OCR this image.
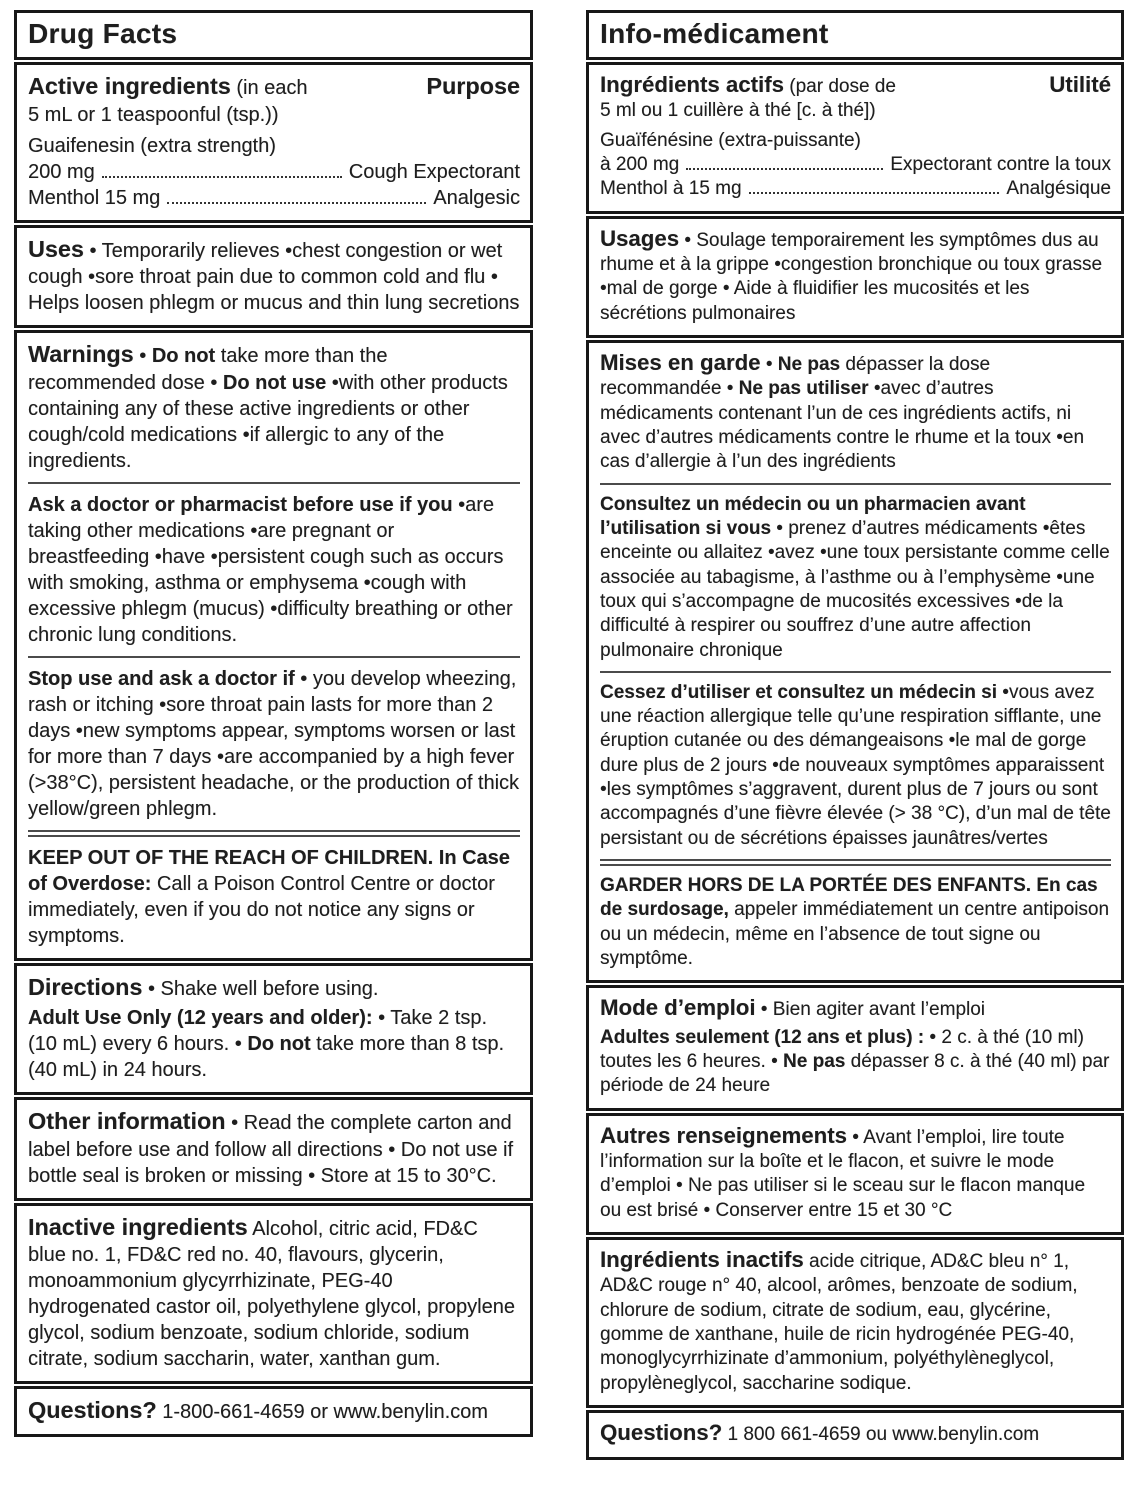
Drug Facts
Active ingredients (in each	Purpose
5 mL or 1 teaspoonful (tsp.))
Guaifenesin (extra strength)
200 mg	Cough Expectorant
Menthol 15 mg	Analgesic

Uses • Temporarily relieves •chest congestion or wet cough •sore throat pain due to common cold and flu • Helps loosen phlegm or mucus and thin lung secretions

Warnings • Do not take more than the recommended dose • Do not use •with other products containing any of these active ingredients or other cough/cold medications •if allergic to any of the ingredients.

Ask a doctor or pharmacist before use if you •are taking other medications •are pregnant or breastfeeding •have •persistent cough such as occurs with smoking, asthma or emphysema •cough with excessive phlegm (mucus) •difficulty breathing or other chronic lung conditions.

Stop use and ask a doctor if • you develop wheezing, rash or itching •sore throat pain lasts for more than 2 days •new symptoms appear, symptoms worsen or last for more than 7 days •are accompanied by a high fever (>38°C), persistent headache, or the production of thick yellow/green phlegm.

KEEP OUT OF THE REACH OF CHILDREN. In Case of Overdose: Call a Poison Control Centre or doctor immediately, even if you do not notice any signs or symptoms.

Directions • Shake well before using.

Adult Use Only (12 years and older): • Take 2 tsp. (10 mL) every 6 hours. • Do not take more than 8 tsp. (40 mL) in 24 hours.

Other information • Read the complete carton and label before use and follow all directions • Do not use if bottle seal is broken or missing • Store at 15 to 30°C.

Inactive ingredients Alcohol, citric acid, FD&C blue no. 1, FD&C red no. 40, flavours, glycerin, monoammonium glycyrrhizinate, PEG-40 hydrogenated castor oil, polyethylene glycol, propylene glycol, sodium benzoate, sodium chloride, sodium citrate, sodium saccharin, water, xanthan gum.

Questions? 1-800-661-4659 or www.benylin.com

Info-médicament
Ingrédients actifs (par dose de	Utilité
5 ml ou 1 cuillère à thé [c. à thé])
Guaïfénésine (extra-puissante)
à 200 mg	Expectorant contre la toux
Menthol à 15 mg	Analgésique

Usages • Soulage temporairement les symptômes dus au rhume et à la grippe •congestion bronchique ou toux grasse •mal de gorge • Aide à fluidifier les mucosités et les sécrétions pulmonaires

Mises en garde • Ne pas dépasser la dose recommandée • Ne pas utiliser •avec d’autres médicaments contenant l’un de ces ingrédients actifs, ni avec d’autres médicaments contre le rhume et la toux •en cas d’allergie à l’un des ingrédients

Consultez un médecin ou un pharmacien avant l’utilisation si vous • prenez d’autres médicaments •êtes enceinte ou allaitez •avez •une toux persistante comme celle associée au tabagisme, à l’asthme ou à l’emphysème •une toux qui s’accompagne de mucosités excessives •de la difficulté à respirer ou souffrez d’une autre affection pulmonaire chronique

Cessez d’utiliser et consultez un médecin si •vous avez une réaction allergique telle qu’une respiration sifflante, une éruption cutanée ou des démangeaisons •le mal de gorge dure plus de 2 jours •de nouveaux symptômes apparaissent •les symptômes s’aggravent, durent plus de 7 jours ou sont accompagnés d’une fièvre élevée (> 38 °C), d’un mal de tête persistant ou de sécrétions épaisses jaunâtres/vertes

GARDER HORS DE LA PORTÉE DES ENFANTS. En cas de surdosage, appeler immédiatement un centre antipoison ou un médecin, même en l’absence de tout signe ou symptôme.

Mode d’emploi • Bien agiter avant l’emploi

Adultes seulement (12 ans et plus) : • 2 c. à thé (10 ml) toutes les 6 heures. • Ne pas dépasser 8 c. à thé (40 ml) par période de 24 heure

Autres renseignements • Avant l’emploi, lire toute l’information sur la boîte et le flacon, et suivre le mode d’emploi • Ne pas utiliser si le sceau sur le flacon manque ou est brisé • Conserver entre 15 et 30 °C

Ingrédients inactifs acide citrique, AD&C bleu n° 1, AD&C rouge n° 40, alcool, arômes, benzoate de sodium, chlorure de sodium, citrate de sodium, eau, glycérine, gomme de xanthane, huile de ricin hydrogénée PEG-40, monoglycyrrhizinate d’ammonium, polyéthylèneglycol, propylèneglycol, saccharine sodique.

Questions? 1 800 661-4659 ou www.benylin.com
